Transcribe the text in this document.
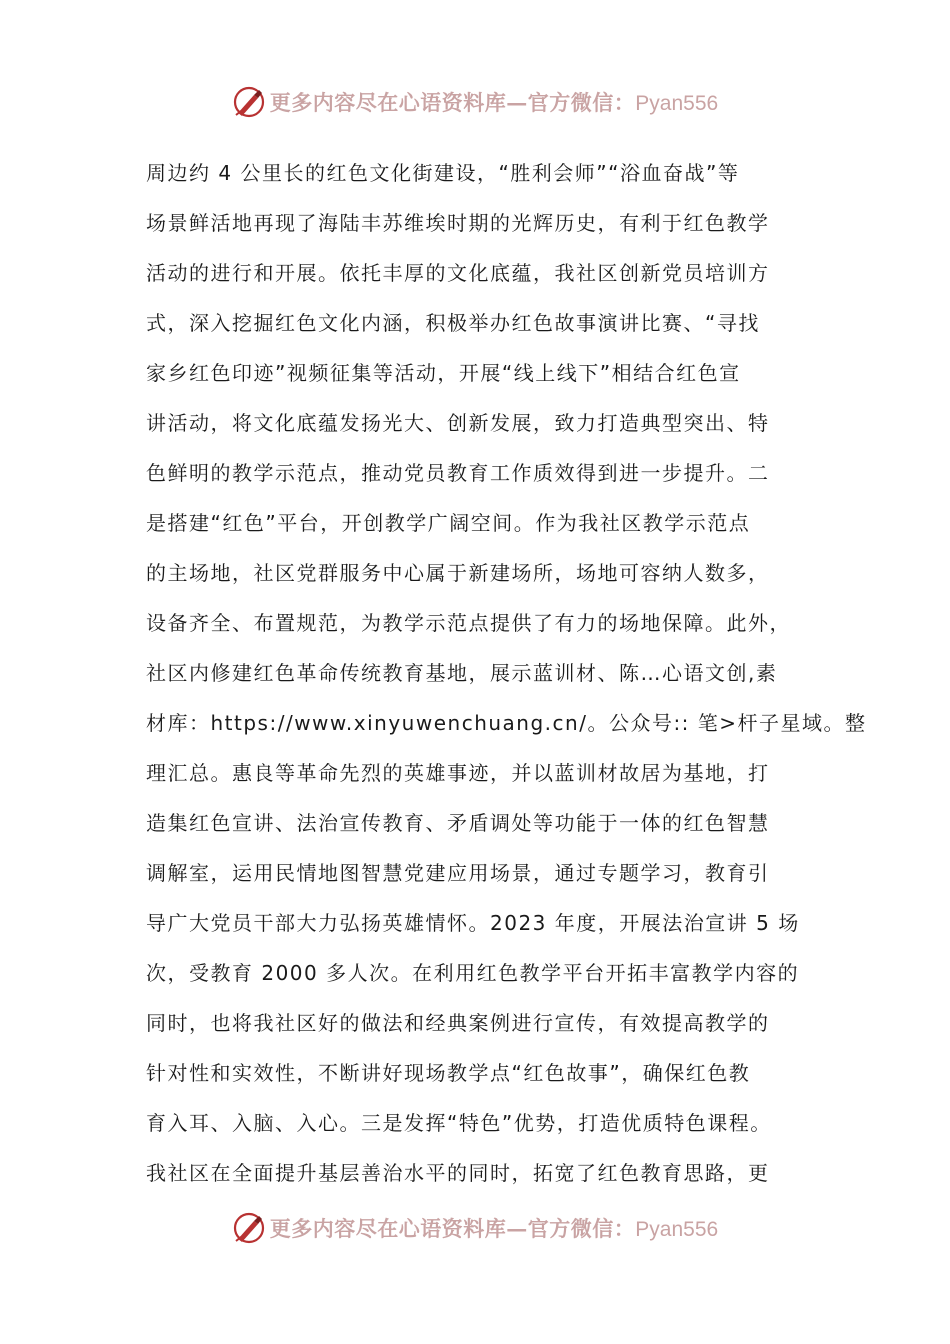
更多内容尽在心语资料库—官方微信：Pyan556
周边约 4 公里长的红色文化街建设，“胜利会师”“浴血奋战”等
场景鲜活地再现了海陆丰苏维埃时期的光辉历史，有利于红色教学
活动的进行和开展。依托丰厚的文化底蕴，我社区创新党员培训方
式，深入挖掘红色文化内涵，积极举办红色故事演讲比赛、“寻找
家乡红色印迹”视频征集等活动，开展“线上线下”相结合红色宣
讲活动，将文化底蕴发扬光大、创新发展，致力打造典型突出、特
色鲜明的教学示范点，推动党员教育工作质效得到进一步提升。二
是搭建“红色”平台，开创教学广阔空间。作为我社区教学示范点
的主场地，社区党群服务中心属于新建场所，场地可容纳人数多，
设备齐全、布置规范，为教学示范点提供了有力的场地保障。此外，
社区内修建红色革命传统教育基地，展示蓝训材、陈…心语文创,素
材库：https://www.xinyuwenchuang.cn/。公众号:: 笔>杆子星域。整
理汇总。惠良等革命先烈的英雄事迹，并以蓝训材故居为基地，打
造集红色宣讲、法治宣传教育、矛盾调处等功能于一体的红色智慧
调解室，运用民情地图智慧党建应用场景，通过专题学习，教育引
导广大党员干部大力弘扬英雄情怀。2023 年度，开展法治宣讲 5 场
次，受教育 2000 多人次。在利用红色教学平台开拓丰富教学内容的
同时，也将我社区好的做法和经典案例进行宣传，有效提高教学的
针对性和实效性，不断讲好现场教学点“红色故事”，确保红色教
育入耳、入脑、入心。三是发挥“特色”优势，打造优质特色课程。
我社区在全面提升基层善治水平的同时，拓宽了红色教育思路，更
更多内容尽在心语资料库—官方微信：Pyan556
